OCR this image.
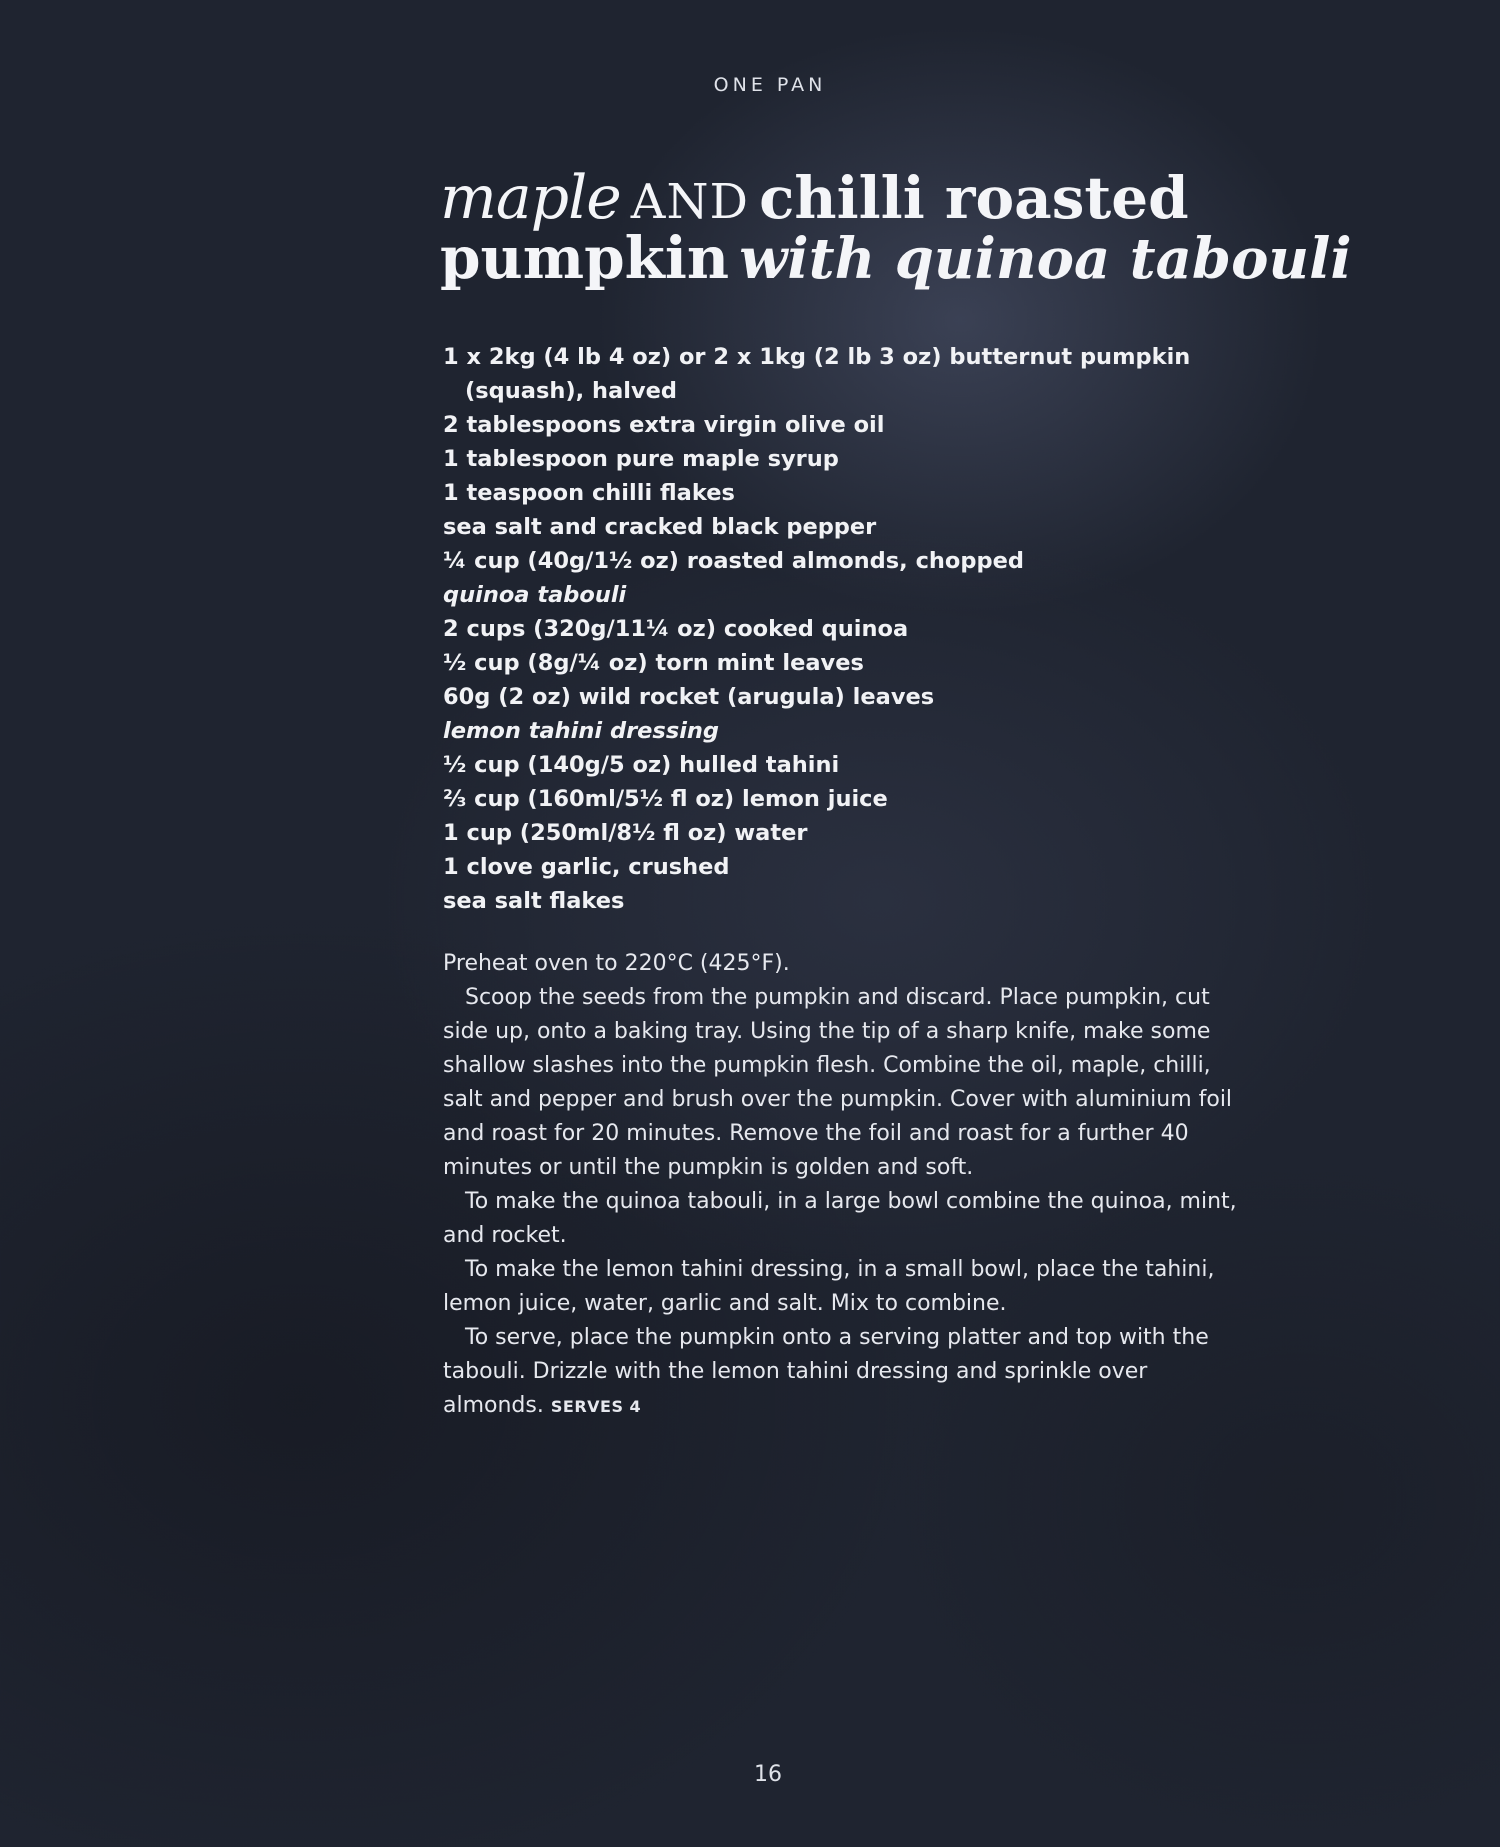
ONE PAN
maple AND chilli roasted
pumpkin with quinoa tabouli
1 x 2kg (4 lb 4 oz) or 2 x 1kg (2 lb 3 oz) butternut pumpkin (squash), halved
2 tablespoons extra virgin olive oil
1 tablespoon pure maple syrup
1 teaspoon chilli flakes
sea salt and cracked black pepper
¼ cup (40g/1½ oz) roasted almonds, chopped
quinoa tabouli
2 cups (320g/11¼ oz) cooked quinoa
½ cup (8g/¼ oz) torn mint leaves
60g (2 oz) wild rocket (arugula) leaves
lemon tahini dressing
½ cup (140g/5 oz) hulled tahini
⅔ cup (160ml/5½ fl oz) lemon juice
1 cup (250ml/8½ fl oz) water
1 clove garlic, crushed
sea salt flakes

Preheat oven to 220°C (425°F).

Scoop the seeds from the pumpkin and discard. Place pumpkin, cut side up, onto a baking tray. Using the tip of a sharp knife, make some shallow slashes into the pumpkin flesh. Combine the oil, maple, chilli, salt and pepper and brush over the pumpkin. Cover with aluminium foil and roast for 20 minutes. Remove the foil and roast for a further 40 minutes or until the pumpkin is golden and soft.

To make the quinoa tabouli, in a large bowl combine the quinoa, mint, and rocket.

To make the lemon tahini dressing, in a small bowl, place the tahini, lemon juice, water, garlic and salt. Mix to combine.

To serve, place the pumpkin onto a serving platter and top with the tabouli. Drizzle with the lemon tahini dressing and sprinkle over almonds. SERVES 4

16
